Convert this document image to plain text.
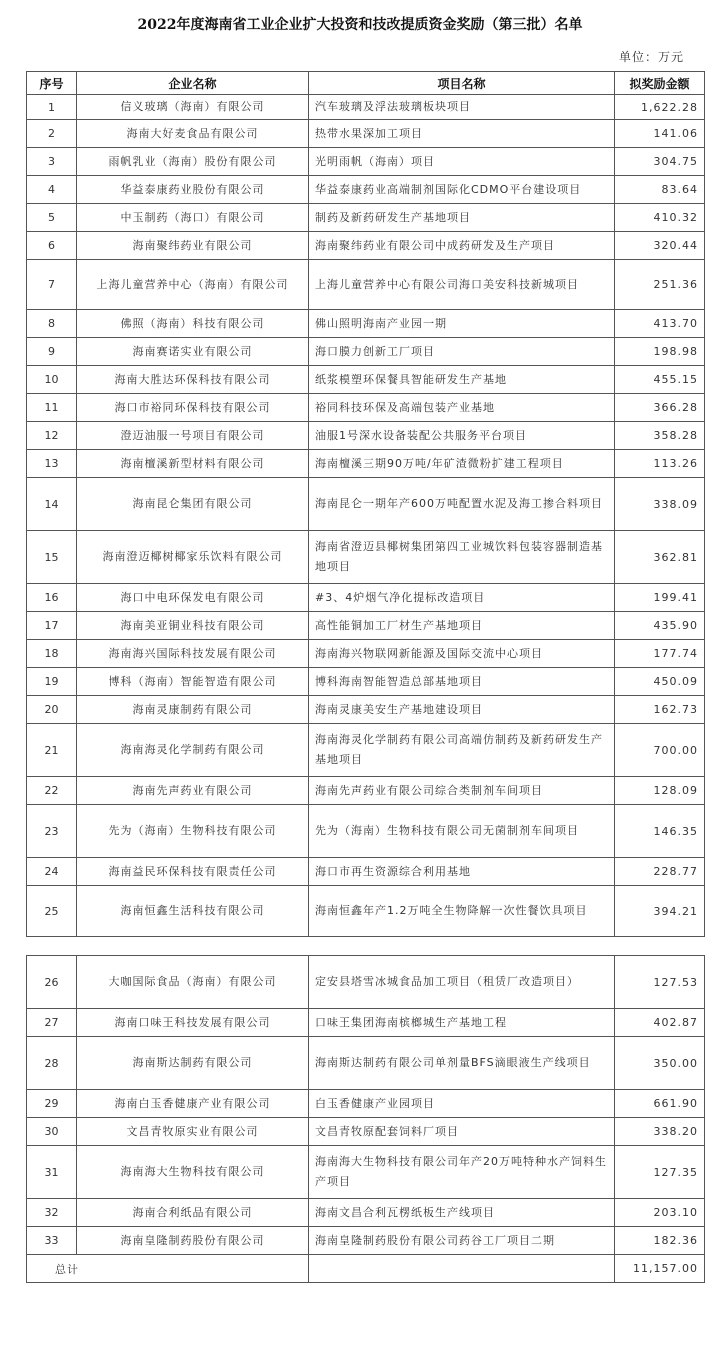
2022年度海南省工业企业扩大投资和技改提质资金奖励（第三批）名单
单位：万元
序号	企业名称	项目名称	拟奖励金额
1	信义玻璃（海南）有限公司	汽车玻璃及浮法玻璃板块项目	1,622.28
2	海南大好麦食品有限公司	热带水果深加工项目	141.06
3	雨帆乳业（海南）股份有限公司	光明雨帆（海南）项目	304.75
4	华益泰康药业股份有限公司	华益泰康药业高端制剂国际化CDMO平台建设项目	83.64
5	中玉制药（海口）有限公司	制药及新药研发生产基地项目	410.32
6	海南聚纬药业有限公司	海南聚纬药业有限公司中成药研发及生产项目	320.44
7	上海儿童营养中心（海南）有限公司	上海儿童营养中心有限公司海口美安科技新城项目	251.36
8	佛照（海南）科技有限公司	佛山照明海南产业园一期	413.70
9	海南赛诺实业有限公司	海口膜力创新工厂项目	198.98
10	海南大胜达环保科技有限公司	纸浆模塑环保餐具智能研发生产基地	455.15
11	海口市裕同环保科技有限公司	裕同科技环保及高端包装产业基地	366.28
12	澄迈油服一号项目有限公司	油服1号深水设备装配公共服务平台项目	358.28
13	海南檀溪新型材料有限公司	海南檀溪三期90万吨/年矿渣微粉扩建工程项目	113.26
14	海南昆仑集团有限公司	海南昆仑一期年产600万吨配置水泥及海工掺合料项目	338.09
15	海南澄迈椰树椰家乐饮料有限公司	海南省澄迈县椰树集团第四工业城饮料包装容器制造基地项目	362.81
16	海口中电环保发电有限公司	#3、4炉烟气净化提标改造项目	199.41
17	海南美亚铜业科技有限公司	高性能铜加工厂材生产基地项目	435.90
18	海南海兴国际科技发展有限公司	海南海兴物联网新能源及国际交流中心项目	177.74
19	博科（海南）智能智造有限公司	博科海南智能智造总部基地项目	450.09
20	海南灵康制药有限公司	海南灵康美安生产基地建设项目	162.73
21	海南海灵化学制药有限公司	海南海灵化学制药有限公司高端仿制药及新药研发生产基地项目	700.00
22	海南先声药业有限公司	海南先声药业有限公司综合类制剂车间项目	128.09
23	先为（海南）生物科技有限公司	先为（海南）生物科技有限公司无菌制剂车间项目	146.35
24	海南益民环保科技有限责任公司	海口市再生资源综合利用基地	228.77
25	海南恒鑫生活科技有限公司	海南恒鑫年产1.2万吨全生物降解一次性餐饮具项目	394.21
26	大咖国际食品（海南）有限公司	定安县塔雪冰城食品加工项目（租赁厂改造项目）	127.53
27	海南口味王科技发展有限公司	口味王集团海南槟榔城生产基地工程	402.87
28	海南斯达制药有限公司	海南斯达制药有限公司单剂量BFS滴眼液生产线项目	350.00
29	海南白玉香健康产业有限公司	白玉香健康产业园项目	661.90
30	文昌青牧原实业有限公司	文昌青牧原配套饲料厂项目	338.20
31	海南海大生物科技有限公司	海南海大生物科技有限公司年产20万吨特种水产饲料生产项目	127.35
32	海南合利纸品有限公司	海南文昌合利瓦楞纸板生产线项目	203.10
33	海南皇隆制药股份有限公司	海南皇隆制药股份有限公司药谷工厂项目二期	182.36
总计			11,157.00
